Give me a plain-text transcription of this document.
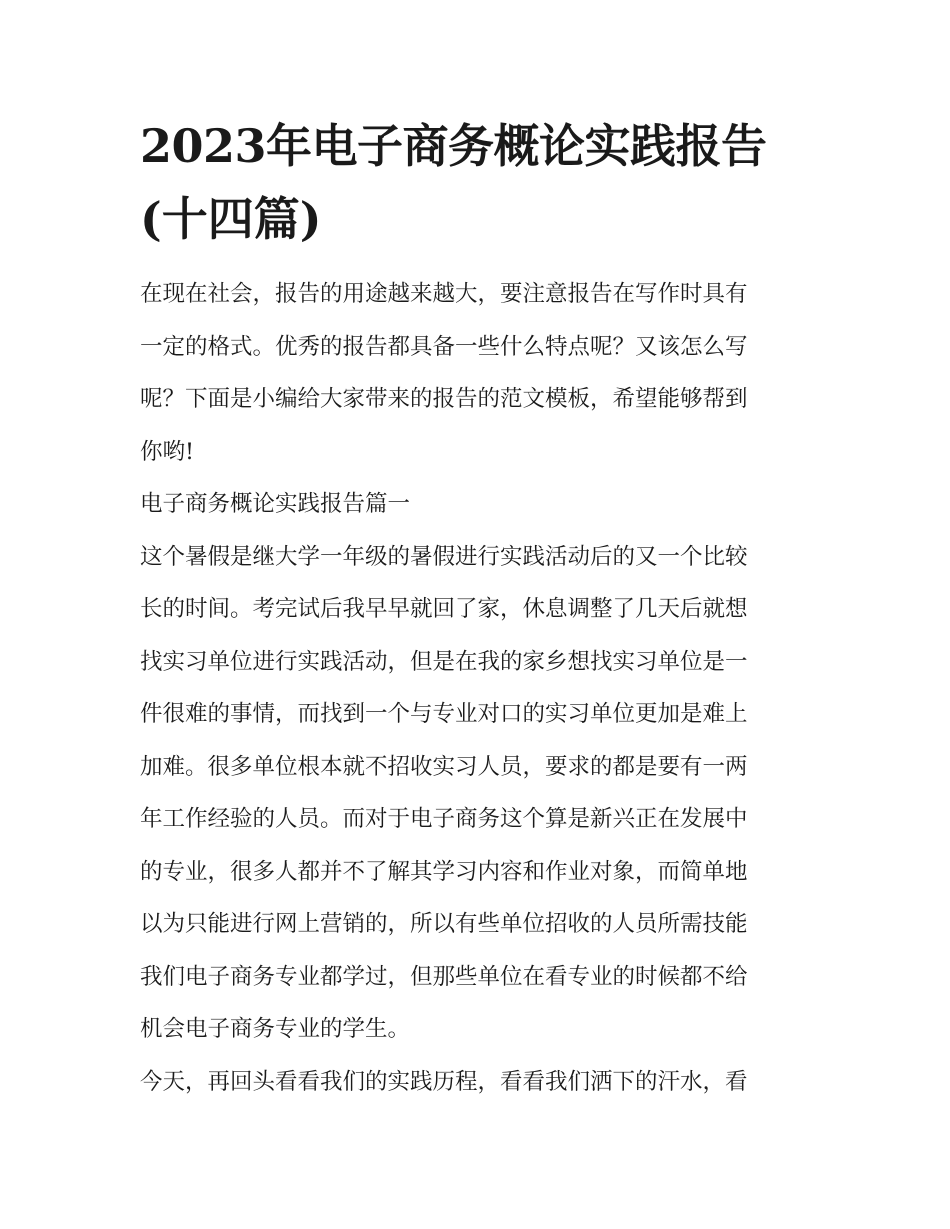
2023年电子商务概论实践报告
(十四篇)

在现在社会，报告的用途越来越大，要注意报告在写作时具有
一定的格式。优秀的报告都具备一些什么特点呢？又该怎么写
呢？下面是小编给大家带来的报告的范文模板，希望能够帮到
你哟!

电子商务概论实践报告篇一

这个暑假是继大学一年级的暑假进行实践活动后的又一个比较
长的时间。考完试后我早早就回了家，休息调整了几天后就想
找实习单位进行实践活动，但是在我的家乡想找实习单位是一
件很难的事情，而找到一个与专业对口的实习单位更加是难上
加难。很多单位根本就不招收实习人员，要求的都是要有一两
年工作经验的人员。而对于电子商务这个算是新兴正在发展中
的专业，很多人都并不了解其学习内容和作业对象，而简单地
以为只能进行网上营销的，所以有些单位招收的人员所需技能
我们电子商务专业都学过，但那些单位在看专业的时候都不给
机会电子商务专业的学生。

今天，再回头看看我们的实践历程，看看我们洒下的汗水，看
